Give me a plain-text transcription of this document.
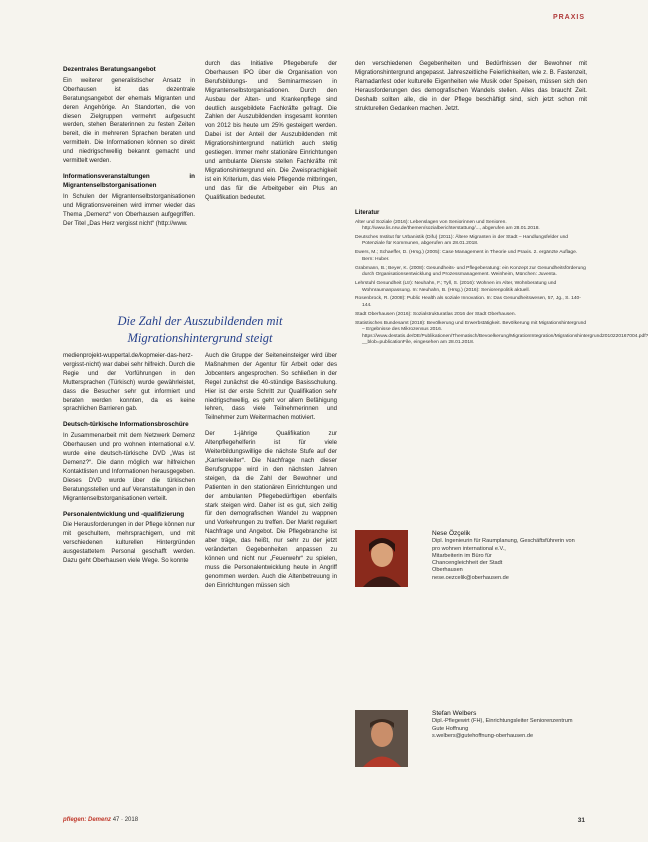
PRAXIS
Dezentrales Beratungsangebot

Ein weiterer generalistischer Ansatz in Oberhausen ist das dezentrale Beratungsangebot der ehemals Migranten und deren Angehörige. An Standorten, die von diesen Zielgruppen vermehrt aufgesucht werden, stehen Beraterinnen zu festen Zeiten bereit, die in mehreren Sprachen beraten und vermitteln. Die Informationen können so direkt und niedrigschwellig bekannt gemacht und vermittelt werden.

Informationsveranstaltungen in Migrantenselbstorganisationen

In Schulen der Migrantenselbstorganisationen und Migrationsvereinen wird immer wieder das Thema „Demenz“ von Oberhausen aufgegriffen. Der Titel „Das Herz vergisst nicht“ (http://www.

durch das Initiative Pflegeberufe der Oberhausen IPO über die Organisation von Berufsbildungs- und Seminarmessen in Migrantenselbstorganisationen. Durch den Ausbau der Alten- und Krankenpflege sind deutlich ausgebildete Fachkräfte gefragt. Die Zahlen der Auszubildenden insgesamt konnten von 2012 bis heute um 25% gesteigert werden. Dabei ist der Anteil der Auszubildenden mit Migrationshintergrund natürlich auch stetig gestiegen. Immer mehr stationäre Einrichtungen und ambulante Dienste stellen Fachkräfte mit Migrationshintergrund ein. Die Zweisprachigkeit ist ein Kriterium, das viele Pflegende mitbringen, und das für die Arbeitgeber ein Plus an Qualifikation bedeutet.

den verschiedenen Gegebenheiten und Bedürfnissen der Bewohner mit Migrationshintergrund angepasst. Jahreszeitliche Feierlichkeiten, wie z. B. Fastenzeit, Ramadanfest oder kulturelle Eigenheiten wie Musik oder Speisen, müssen sich den Herausforderungen des demografischen Wandels stellen. Alles das braucht Zeit. Deshalb sollten alle, die in der Pflege beschäftigt sind, sich jetzt schon mit strukturellen Gedanken machen. Jetzt.

Die Zahl der Auszubildenden mit
Migrationshintergrund steigt

medienprojekt-wuppertal.de/kopmeier-das-herz-vergisst-nicht) war dabei sehr hilfreich. Durch die Regie und der Vorführungen in den Muttersprachen (Türkisch) wurde gewährleistet, dass die Besucher sehr gut informiert und beraten werden konnten, da es keine sprachlichen Barrieren gab.

Deutsch-türkische Informationsbroschüre

In Zusammenarbeit mit dem Netzwerk Demenz Oberhausen und pro wohnen international e.V. wurde eine deutsch-türkische DVD „Was ist Demenz?“. Die dann möglich war hilfreichen Kontaktlisten und Informationen herausgegeben. Dieses DVD wurde über die türkischen Beratungsstellen und auf Veranstaltungen in den Migrantenselbstorganisationen verteilt.

Personalentwicklung und -qualifizierung

Die Herausforderungen in der Pflege können nur mit geschultem, mehrsprachigem, und mit verschiedenen kulturellen Hintergründen ausgestattetem Personal geschafft werden. Dazu geht Oberhausen viele Wege. So konnte

Auch die Gruppe der Seiteneinsteiger wird über Maßnahmen der Agentur für Arbeit oder des Jobcenters angesprochen. So schließen in der Regel zunächst die 40-stündige Basisschulung. Hier ist der erste Schritt zur Qualifikation sehr niedrigschwellig, es geht vor allem Befähigung lehren, dass viele Teilnehmerinnen und Teilnehmer zum Weitermachen motiviert.

Der 1-jährige Qualifikation zur Altenpflegehelferin ist für viele Weiterbildungswillige die nächste Stufe auf der „Karriereleiter“. Die Nachfrage nach dieser Berufsgruppe wird in den nächsten Jahren steigen, da die Zahl der Bewohner und Patienten in den stationären Einrichtungen und der ambulanten Pflegebedürftigen ebenfalls stark steigen wird. Daher ist es gut, sich zeitig für den demografischen Wandel zu wappnen und Vorkehrungen zu treffen. Der Markt reguliert Nachfrage und Angebot. Die Pflegebranche ist aber träge, das heißt, nur sehr zu der jetzt veränderten Gegebenheiten anpassen zu können und nicht nur „Feuerwehr“ zu spielen, muss die Personalentwicklung heute in Angriff genommen werden. Auch die Altenbetreuung in den Einrichtungen müssen sich

Literatur
Alter und Soziale (2016): Lebenslagen von Seniorinnen und Senioren. http://www.lis.nrw.de/themen/sozialberichterstattung/..., abgerufen am 28.01.2018.
Deutsches Institut für Urbanistik (Difu) (2011): Ältere Migranten in der Stadt – Handlungsfelder und Potenziale für Kommunen, abgerufen am 28.01.2018.
Ewers, M.; Schaeffer, D. (Hrsg.) (2005): Case Management in Theorie und Praxis. 2. ergänzte Auflage. Bern: Huber.
Grabmann, B.; Beyer, K. (2008): Gesundheits- und Pflegeberatung: ein Konzept zur Gesundheitsförderung durch Organisationsentwicklung und Prozessmanagement. Weinheim, München: Juventa.
Lehrstuhl Gesundheit (Ltr): Neuhahn, F.; Tyll, S. (2016): Wohnen im Alter, Wohnberatung und Wohnraumanpassung. In: Neuhahn, B. (Hrsg.) (2016): Seniorenpolitik aktuell.
Rosenbrock, R. (2008): Public Health als soziale Innovation. In: Das Gesundheitswesen, 57, Jg., S. 140-144.
Stadt Oberhausen (2016): Sozialstrukturatlas 2016 der Stadt Oberhausen.
Statistisches Bundesamt (2018): Bevölkerung und Erwerbstätigkeit. Bevölkerung mit Migrationshintergrund – Ergebnisse des Mikrozensus 2016. https://www.destatis.de/DE/Publikationen/Thematisch/Bevoelkerung/MigrationIntegration/Migrationshintergrund2010220167004.pdf?__blob=publicationFile, eingesehen am 28.01.2018.
Nese Özçelik
Dipl. Ingenieurin für Raumplanung, Geschäftsführerin von
pro wohnen international e.V.,
Mitarbeiterin im Büro für
Chancengleichheit der Stadt
Oberhausen
nese.oezcelik@oberhausen.de
Stefan Welbers
Dipl.-Pflegewirt (FH), Einrichtungsleiter Seniorenzentrum
Gute Hoffnung
s.welbers@gutehoffnung-oberhausen.de
pflegen: Demenz 47 · 2018	31
